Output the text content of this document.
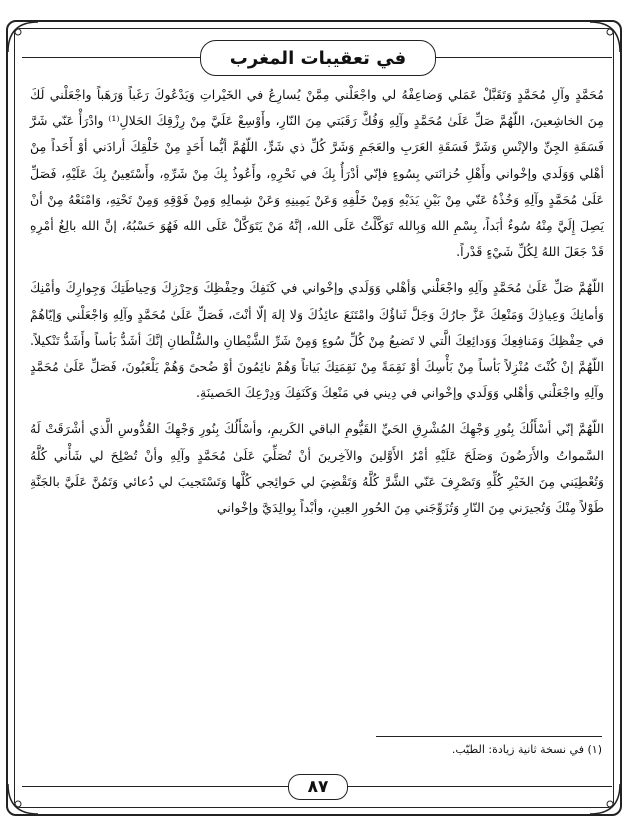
في تعقيبات المغرب

مُحَمَّدٍ وآلِ مُحَمَّدٍ وَتَقَبَّلْ عَمَلي وَضاعِفْهُ لي واجْعَلْني مِمَّنْ يُسارِعُ في الخَيْراتِ وَيَدْعُوكَ رَغَباً وَرَهَباً واجْعَلْني لَكَ مِنَ الخاشِعينَ، اللّهُمَّ صَلِّ عَلَىٰ مُحَمَّدٍ وآلِهِ وَفُكَّ رَقَبَتي مِنَ النّارِ، وأَوْسِعْ عَلَيَّ مِنْ رِزْقِكَ الحَلالِ⁽¹⁾ وادْرَأْ عَنّي شَرَّ فَسَقَةِ الجِنِّ والإنْسِ وَشَرَّ فَسَقَةِ العَرَبِ والعَجَمِ وَشَرَّ كُلِّ ذي شَرٍّ، اللّهُمَّ أيُّما أَحَدٍ مِنْ خَلْقِكَ أرادَني أوْ أَحَداً مِنْ أهْلي وَوَلَدي وإخْواني وأَهْلِ حُزانَتي بِسُوءٍ فإنّي أدْرَأُ بِكَ في نَحْرِهِ، وأَعُوذُ بِكَ مِنْ شَرِّهِ، وأَسْتَعِينُ بِكَ عَلَيْهِ، فَصَلِّ عَلَىٰ مُحَمَّدٍ وآلِهِ وَخُذْهُ عَنّي مِنْ بَيْنِ يَدَيْهِ وَمِنْ خَلْفِهِ وَعَنْ يَمِينِهِ وَعَنْ شِمالِهِ وَمِنْ فَوْقِهِ وَمِنْ تَحْتِهِ، وَامْنَعْهُ مِنْ أنْ يَصِلَ إِلَيَّ مِنْهُ سُوءٌ أبَداً، بِسْمِ الله وَبِالله تَوَكَّلْتُ عَلَى الله، إنَّهُ مَنْ يَتَوَكَّلْ عَلَى الله فَهُوَ حَسْبُهُ، إنَّ الله بالِغُ أمْرِهِ قَدْ جَعَلَ اللهُ لِكُلِّ شَيْءٍ قَدْراً.

اللّهُمَّ صَلِّ عَلَىٰ مُحَمَّدٍ وآلِهِ واجْعَلْني وَأهْلي وَوَلَدي وإخْواني في كَنَفِكَ وحِفْظِكَ وَحِرْزِكَ وَحِياطَتِكَ وَجِوارِكَ وأمْنِكَ وَأمانِكَ وَعِياذِكَ وَمَنْعِكَ عَزَّ جارُكَ وَجَلَّ ثَناؤُكَ وامْتَنَعَ عائِذُكَ وَلا إلهَ إلّا أنْتَ، فَصَلِّ عَلَىٰ مُحَمَّدٍ وآلِهِ وَاجْعَلْني وَإيّاهُمْ في حِفْظِكَ وَمَنافِعِكَ وَوَدائِعِكَ الَّتي لا تَضيعُ مِنْ كُلِّ سُوءٍ وَمِنْ شَرِّ الشَّيْطانِ والسُّلْطانِ إنَّكَ أشَدُّ بَأساً وأَشَدُّ تَنْكيلاً. اللّهُمَّ إنْ كُنْتَ مُنْزِلاً بَأساً مِنْ بَأْسِكَ أوْ نَقِمَةً مِنْ نَقِمَتِكَ بَياتاً وَهُمْ نائِمُونَ أوْ ضُحىً وَهُمْ يَلْعَبُونَ، فَصَلِّ عَلَىٰ مُحَمَّدٍ وآلِهِ واجْعَلْني وَأهْلي وَوَلَدي وإخْواني في دِيني في مَنْعِكَ وَكَنَفِكَ وَدِرْعِكَ الحَصينَةِ.

اللّهُمَّ إنّي أسْأَلُكَ بِنُورِ وَجْهِكَ المُشْرِقِ الحَيِّ القَيُّومِ الباقي الكَريمِ، وأسْأَلُكَ بِنُورِ وَجْهِكَ القُدُّوسِ الَّذي أشْرَقَتْ لَهُ السَّمواتُ والأَرَضُونَ وَصَلَحَ عَلَيْهِ أمْرُ الأَوَّلينَ والآخِرينَ أنْ تُصَلِّيَ عَلَىٰ مُحَمَّدٍ وآلِهِ وأنْ تُصْلِحَ لي شَأْني كُلَّهُ وَتُعْطِيَني مِنَ الخَيْرِ كُلِّهِ وَتَصْرِفَ عَنّي الشَّرَّ كُلَّهُ وَتَقْضِيَ لي حَوائِجي كُلَّها وَتَسْتَجيبَ لي دُعائي وَتَمُنَّ عَلَيَّ بالجَنَّةِ طَوْلاً مِنْكَ وَتُجيرَني مِنَ النّارِ وَتُزَوِّجَني مِنَ الحُورِ العِينِ، وأبْداً بِوالِدَيَّ وإخْواني

(١) في نسخة ثانية زيادة: الطيّب.
٨٧
